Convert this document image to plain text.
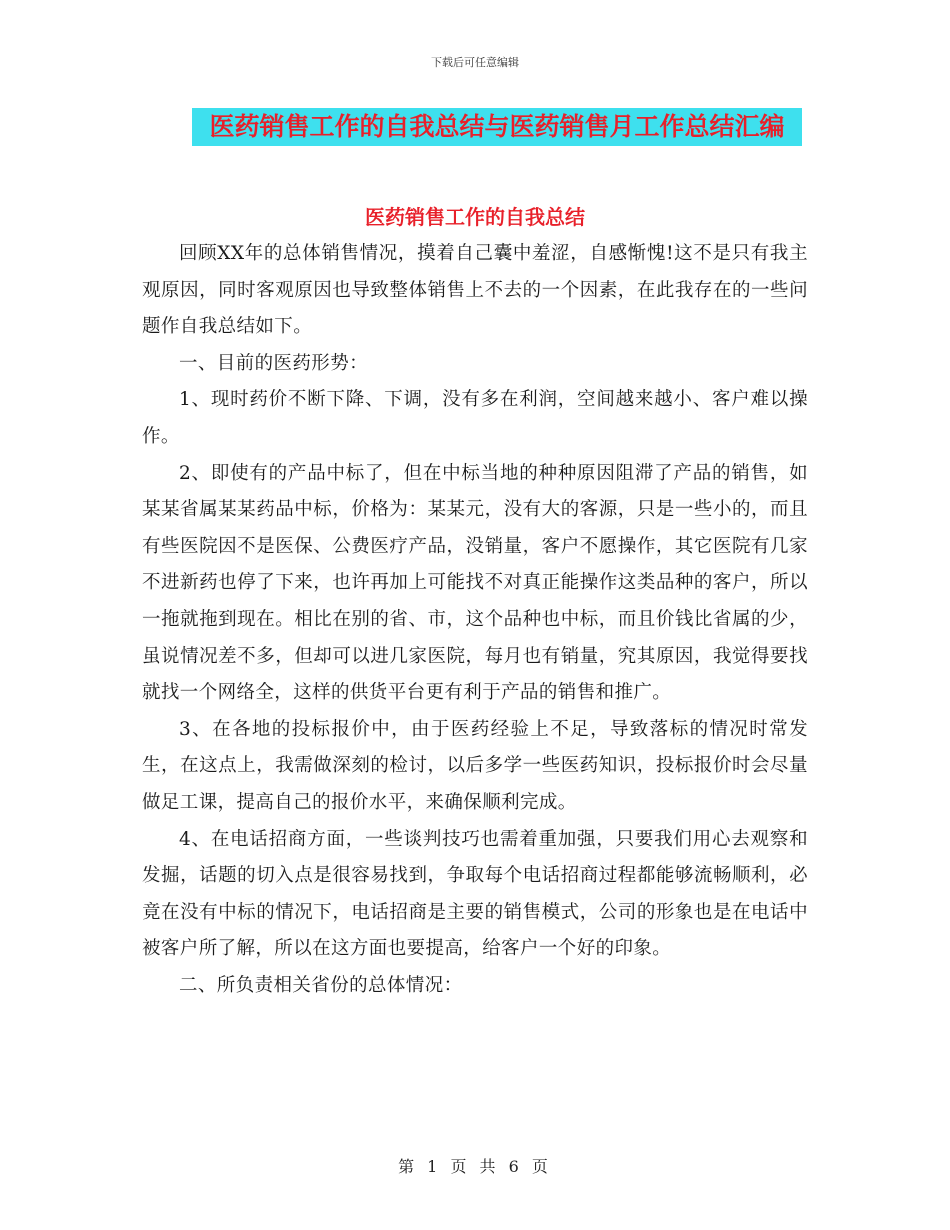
下载后可任意编辑
医药销售工作的自我总结与医药销售月工作总结汇编
医药销售工作的自我总结

回顾XX年的总体销售情况，摸着自己囊中羞涩，自感惭愧!这不是只有我主观原因，同时客观原因也导致整体销售上不去的一个因素，在此我存在的一些问题作自我总结如下。

一、目前的医药形势：

1、现时药价不断下降、下调，没有多在利润，空间越来越小、客户难以操作。

2、即使有的产品中标了，但在中标当地的种种原因阻滞了产品的销售，如某某省属某某药品中标，价格为：某某元，没有大的客源，只是一些小的，而且有些医院因不是医保、公费医疗产品，没销量，客户不愿操作，其它医院有几家不进新药也停了下来，也许再加上可能找不对真正能操作这类品种的客户，所以一拖就拖到现在。相比在别的省、市，这个品种也中标，而且价钱比省属的少，虽说情况差不多，但却可以进几家医院，每月也有销量，究其原因，我觉得要找就找一个网络全，这样的供货平台更有利于产品的销售和推广。

3、在各地的投标报价中，由于医药经验上不足，导致落标的情况时常发生，在这点上，我需做深刻的检讨，以后多学一些医药知识，投标报价时会尽量做足工课，提高自己的报价水平，来确保顺利完成。

4、在电话招商方面，一些谈判技巧也需着重加强，只要我们用心去观察和发掘，话题的切入点是很容易找到，争取每个电话招商过程都能够流畅顺利，必竟在没有中标的情况下，电话招商是主要的销售模式，公司的形象也是在电话中被客户所了解，所以在这方面也要提高，给客户一个好的印象。

二、所负责相关省份的总体情况：

第 1 页 共 6 页
